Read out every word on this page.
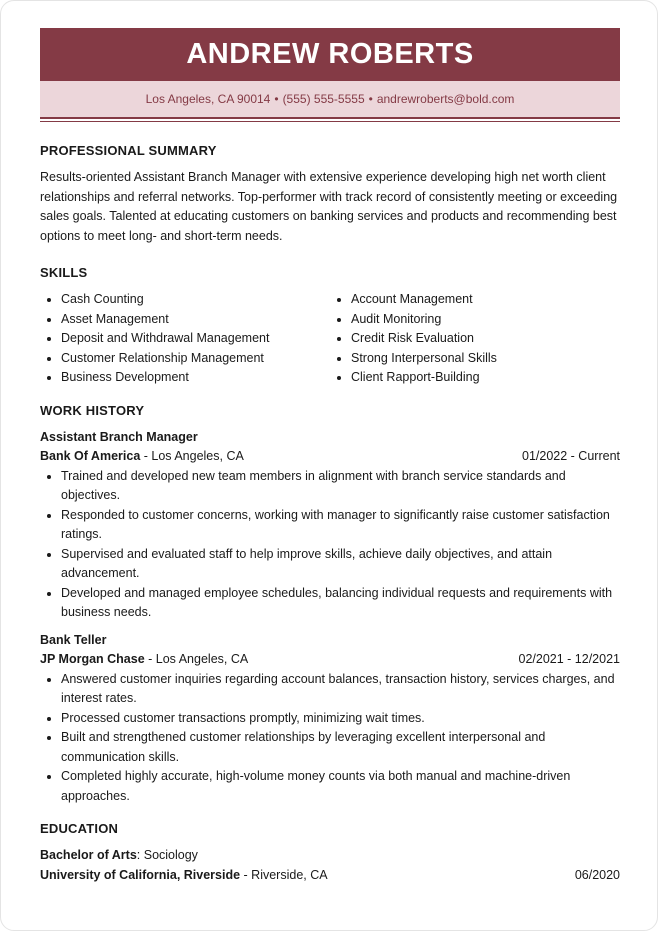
ANDREW ROBERTS
Los Angeles, CA 90014 • (555) 555-5555 • andrewroberts@bold.com
PROFESSIONAL SUMMARY

Results-oriented Assistant Branch Manager with extensive experience developing high net worth client relationships and referral networks. Top-performer with track record of consistently meeting or exceeding sales goals. Talented at educating customers on banking services and products and recommending best options to meet long- and short-term needs.

SKILLS
• Cash Counting
• Asset Management
• Deposit and Withdrawal Management
• Customer Relationship Management
• Business Development
• Account Management
• Audit Monitoring
• Credit Risk Evaluation
• Strong Interpersonal Skills
• Client Rapport-Building
WORK HISTORY
Assistant Branch Manager
Bank Of America - Los Angeles, CA	01/2022 - Current
• Trained and developed new team members in alignment with branch service standards and objectives.
• Responded to customer concerns, working with manager to significantly raise customer satisfaction ratings.
• Supervised and evaluated staff to help improve skills, achieve daily objectives, and attain advancement.
• Developed and managed employee schedules, balancing individual requests and requirements with business needs.
Bank Teller
JP Morgan Chase - Los Angeles, CA	02/2021 - 12/2021
• Answered customer inquiries regarding account balances, transaction history, services charges, and interest rates.
• Processed customer transactions promptly, minimizing wait times.
• Built and strengthened customer relationships by leveraging excellent interpersonal and communication skills.
• Completed highly accurate, high-volume money counts via both manual and machine-driven approaches.
EDUCATION
Bachelor of Arts: Sociology
University of California, Riverside - Riverside, CA	06/2020
